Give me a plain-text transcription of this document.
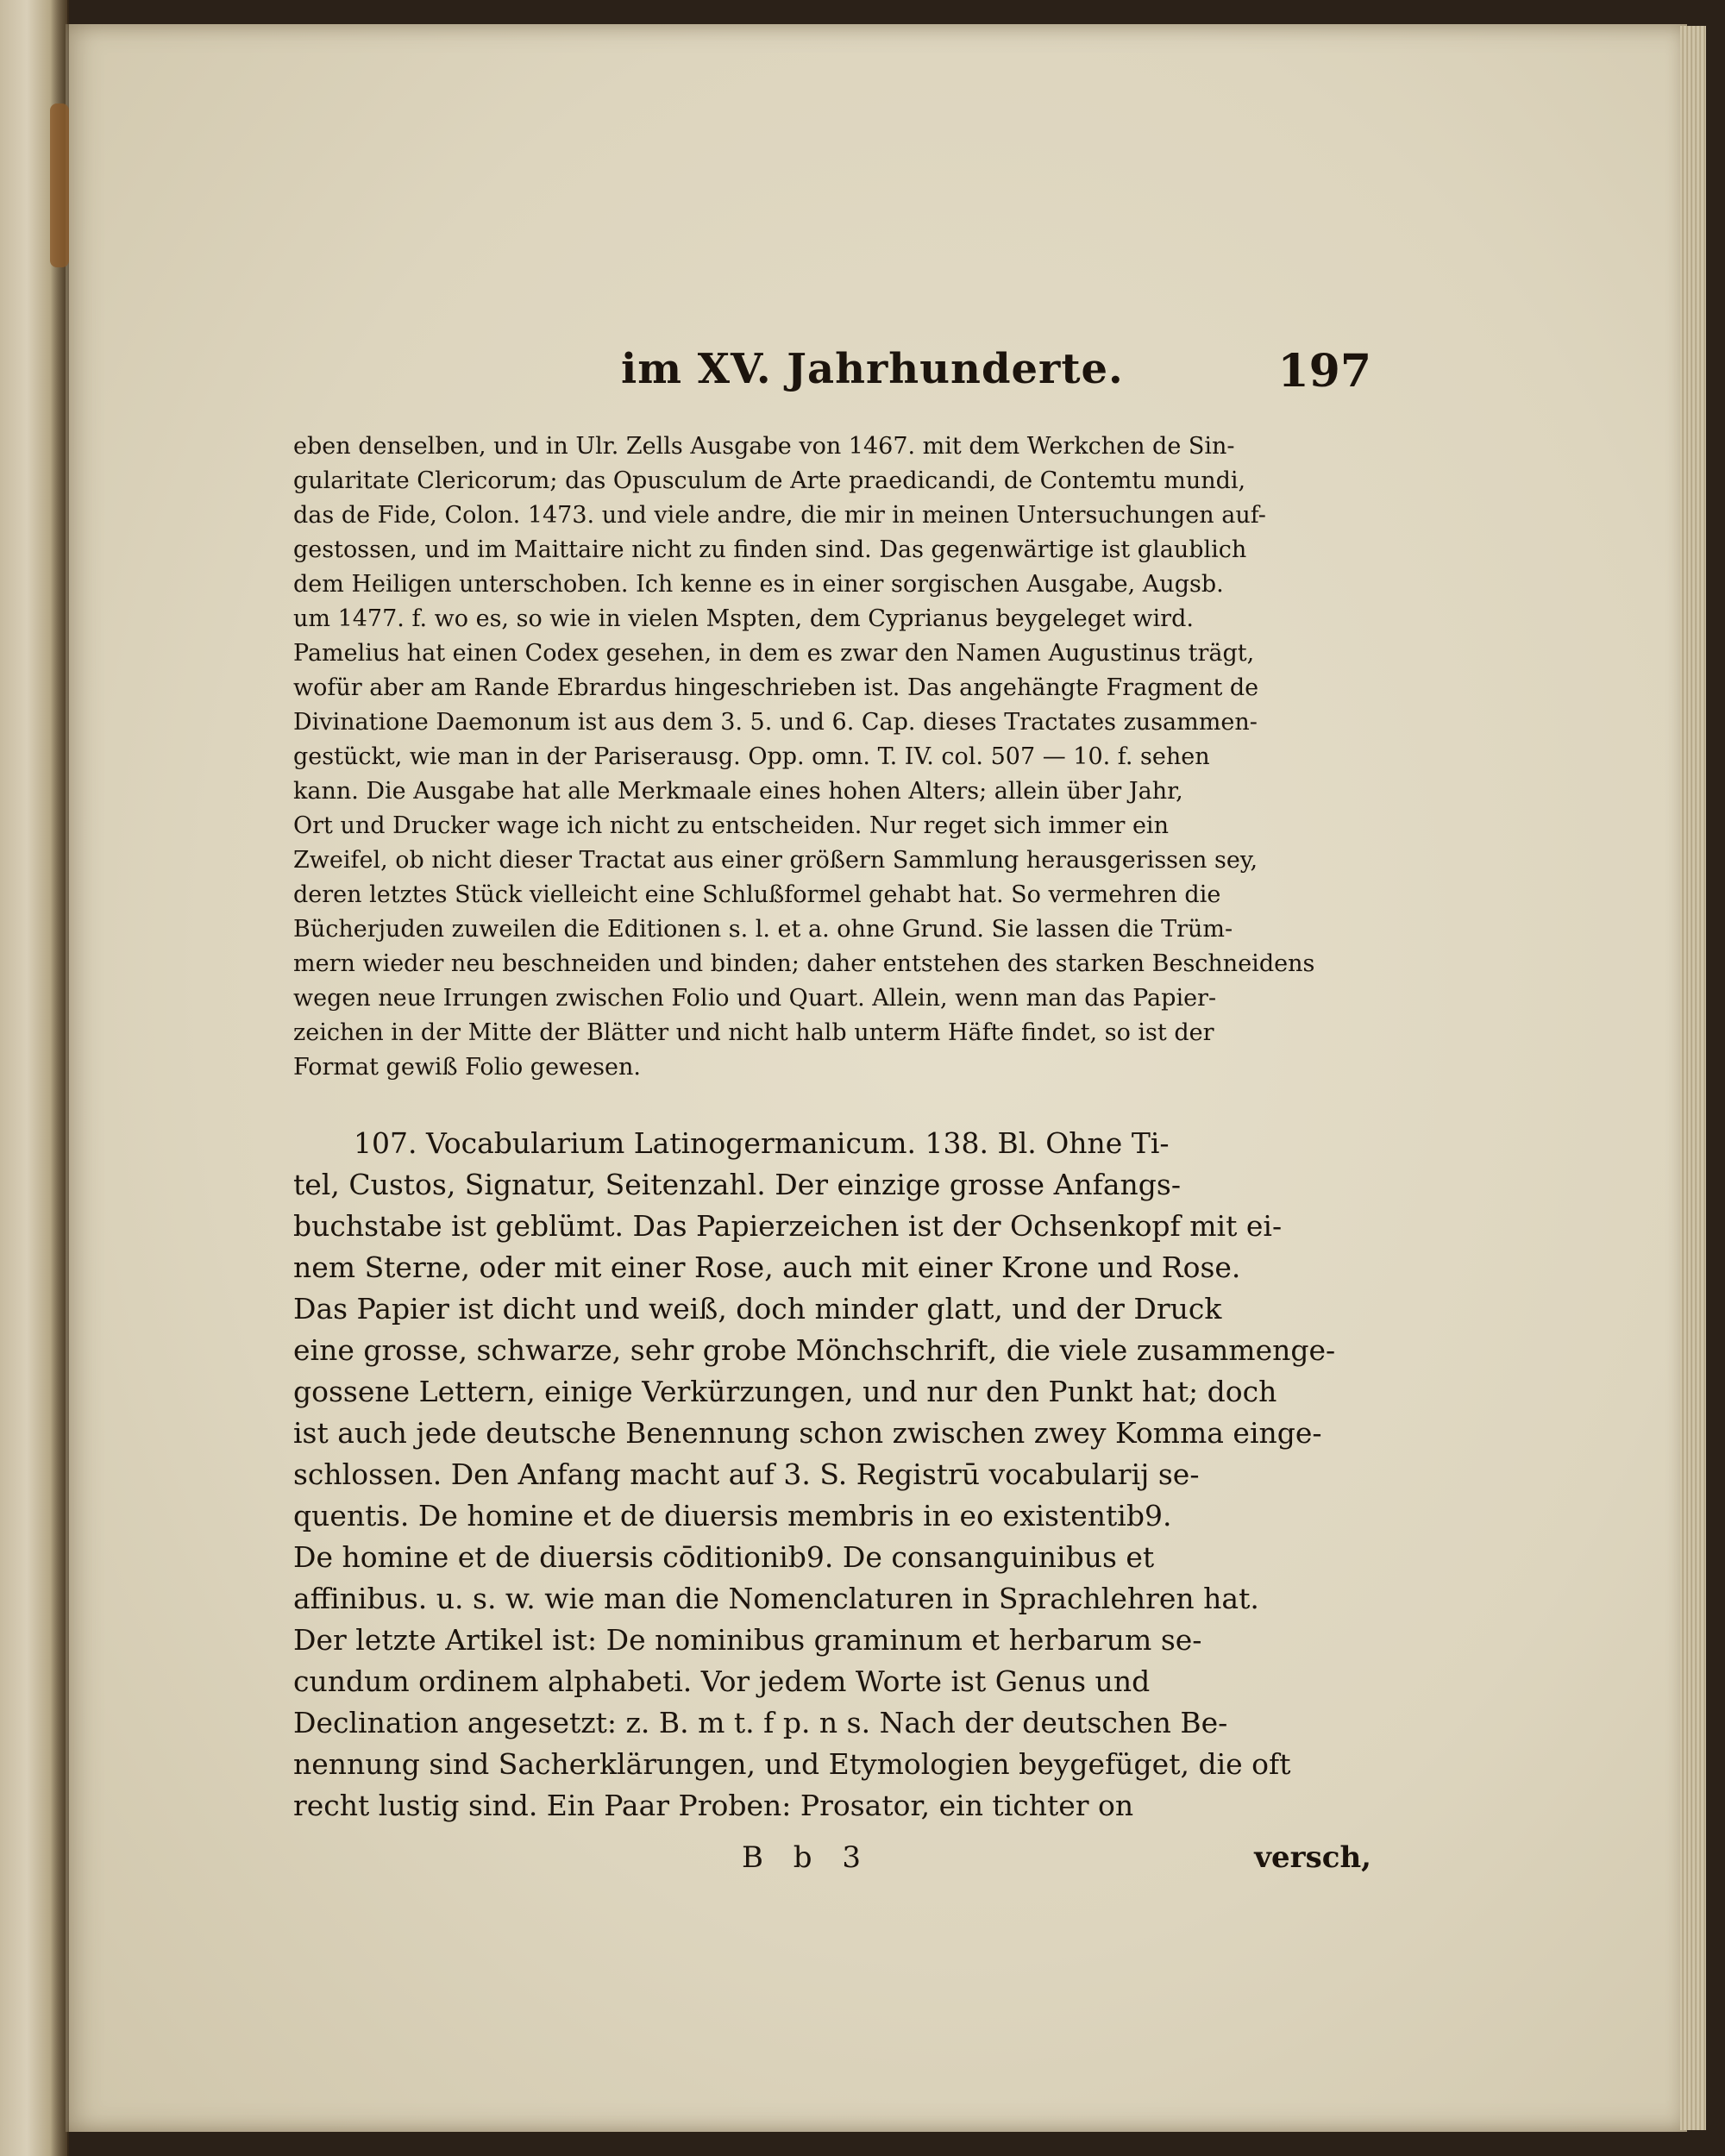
im XV. Jahrhunderte.	197
eben denselben, und in Ulr. Zells Ausgabe von 1467. mit dem Werkchen de Sin-
gularitate Clericorum; das Opusculum de Arte praedicandi, de Contemtu mundi,
das de Fide, Colon. 1473. und viele andre, die mir in meinen Untersuchungen auf-
gestossen, und im Maittaire nicht zu finden sind. Das gegenwärtige ist glaublich
dem Heiligen unterschoben. Ich kenne es in einer sorgischen Ausgabe, Augsb.
um 1477. f. wo es, so wie in vielen Mspten, dem Cyprianus beygeleget wird.
Pamelius hat einen Codex gesehen, in dem es zwar den Namen Augustinus trägt,
wofür aber am Rande Ebrardus hingeschrieben ist. Das angehängte Fragment de
Divinatione Daemonum ist aus dem 3. 5. und 6. Cap. dieses Tractates zusammen-
gestückt, wie man in der Pariserausg. Opp. omn. T. IV. col. 507 — 10. f. sehen
kann. Die Ausgabe hat alle Merkmaale eines hohen Alters; allein über Jahr,
Ort und Drucker wage ich nicht zu entscheiden. Nur reget sich immer ein
Zweifel, ob nicht dieser Tractat aus einer größern Sammlung herausgerissen sey,
deren letztes Stück vielleicht eine Schlußformel gehabt hat. So vermehren die
Bücherjuden zuweilen die Editionen s. l. et a. ohne Grund. Sie lassen die Trüm-
mern wieder neu beschneiden und binden; daher entstehen des starken Beschneidens
wegen neue Irrungen zwischen Folio und Quart. Allein, wenn man das Papier-
zeichen in der Mitte der Blätter und nicht halb unterm Häfte findet, so ist der
Format gewiß Folio gewesen.
107. Vocabularium Latinogermanicum. 138. Bl. Ohne Ti-
tel, Custos, Signatur, Seitenzahl. Der einzige grosse Anfangs-
buchstabe ist geblümt. Das Papierzeichen ist der Ochsenkopf mit ei-
nem Sterne, oder mit einer Rose, auch mit einer Krone und Rose.
Das Papier ist dicht und weiß, doch minder glatt, und der Druck
eine grosse, schwarze, sehr grobe Mönchschrift, die viele zusammenge-
gossene Lettern, einige Verkürzungen, und nur den Punkt hat; doch
ist auch jede deutsche Benennung schon zwischen zwey Komma einge-
schlossen. Den Anfang macht auf 3. S. Registrū vocabularij se-
quentis. De homine et de diuersis membris in eo existentib9.
De homine et de diuersis cōditionib9. De consanguinibus et
affinibus. u. s. w. wie man die Nomenclaturen in Sprachlehren hat.
Der letzte Artikel ist: De nominibus graminum et herbarum se-
cundum ordinem alphabeti. Vor jedem Worte ist Genus und
Declination angesetzt: z. B. m t. f p. n s. Nach der deutschen Be-
nennung sind Sacherklärungen, und Etymologien beygefüget, die oft
recht lustig sind. Ein Paar Proben: Prosator, ein tichter on
B b 3	versch,
